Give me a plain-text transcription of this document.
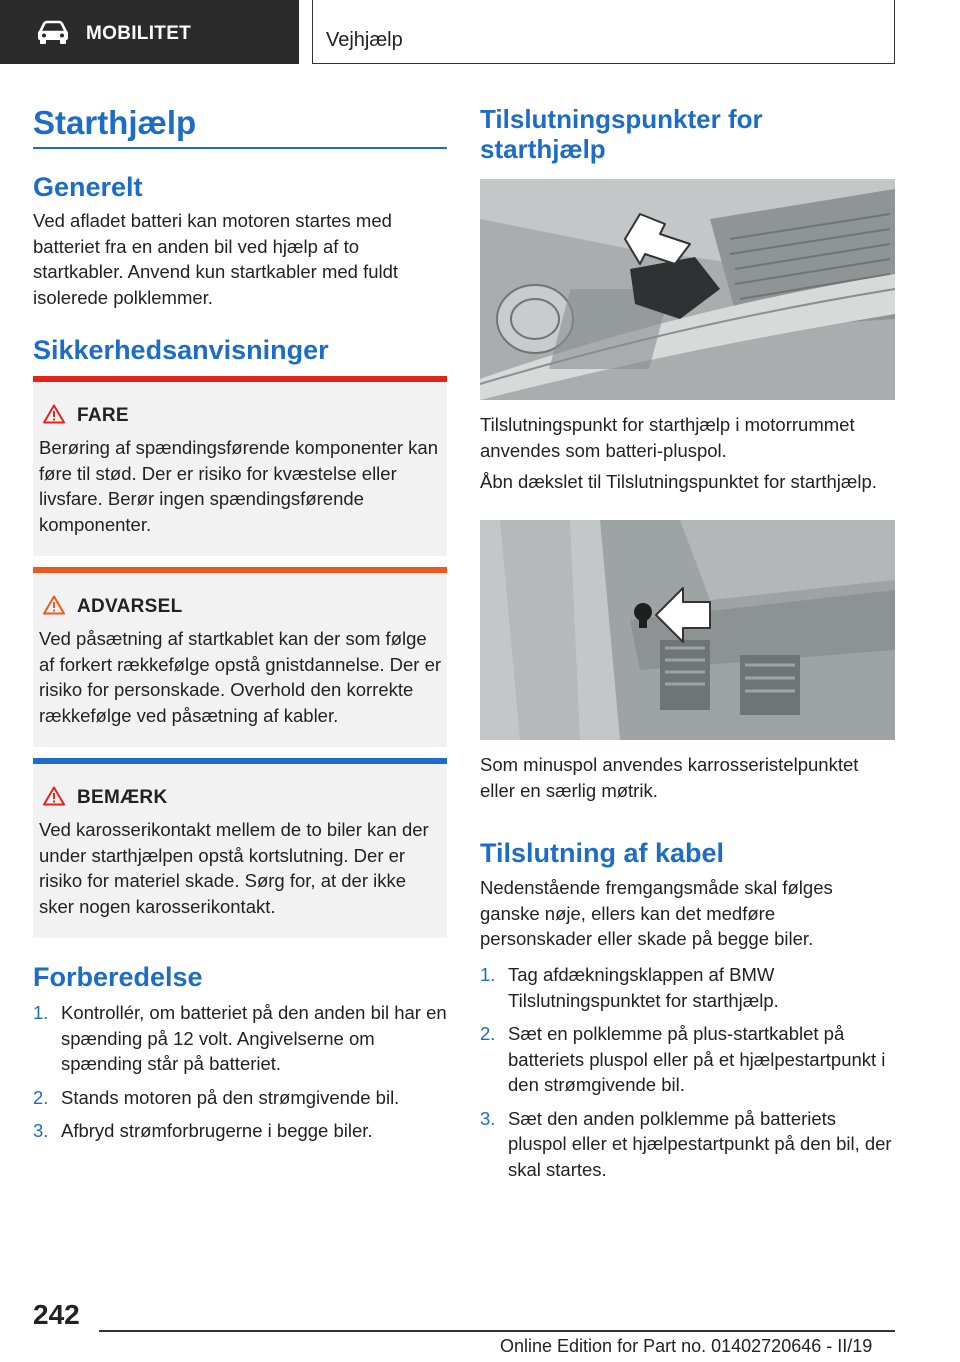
MOBILITET	Vejhjælp
Starthjælp
Generelt
Ved afladet batteri kan motoren startes med batteriet fra en anden bil ved hjælp af to startkabler. Anvend kun startkabler med fuldt isolerede polklemmer.
Sikkerhedsanvisninger
FARE
Berøring af spændingsførende komponenter kan føre til stød. Der er risiko for kvæstelse eller livsfare. Berør ingen spændingsførende komponenter.
ADVARSEL
Ved påsætning af startkablet kan der som følge af forkert rækkefølge opstå gnistdannelse. Der er risiko for personskade. Overhold den korrekte rækkefølge ved påsætning af kabler.
BEMÆRK
Ved karosserikontakt mellem de to biler kan der under starthjælpen opstå kortslutning. Der er risiko for materiel skade. Sørg for, at der ikke sker nogen karosserikontakt.
Forberedelse
1. Kontrollér, om batteriet på den anden bil har en spænding på 12 volt. Angivelserne om spænding står på batteriet.
2. Stands motoren på den strømgivende bil.
3. Afbryd strømforbrugerne i begge biler.
Tilslutningspunkter for
starthjælp
Tilslutningspunkt for starthjælp i motorrummet anvendes som batteri-pluspol.
Åbn dækslet til Tilslutningspunktet for starthjælp.
Som minuspol anvendes karrosseristelpunktet eller en særlig møtrik.
Tilslutning af kabel
Nedenstående fremgangsmåde skal følges ganske nøje, ellers kan det medføre personskader eller skade på begge biler.
1. Tag afdækningsklappen af BMW Tilslutningspunktet for starthjælp.
2. Sæt en polklemme på plus-startkablet på batteriets pluspol eller på et hjælpestartpunkt i den strømgivende bil.
3. Sæt den anden polklemme på batteriets pluspol eller et hjælpestartpunkt på den bil, der skal startes.
242
Online Edition for Part no. 01402720646 - II/19
